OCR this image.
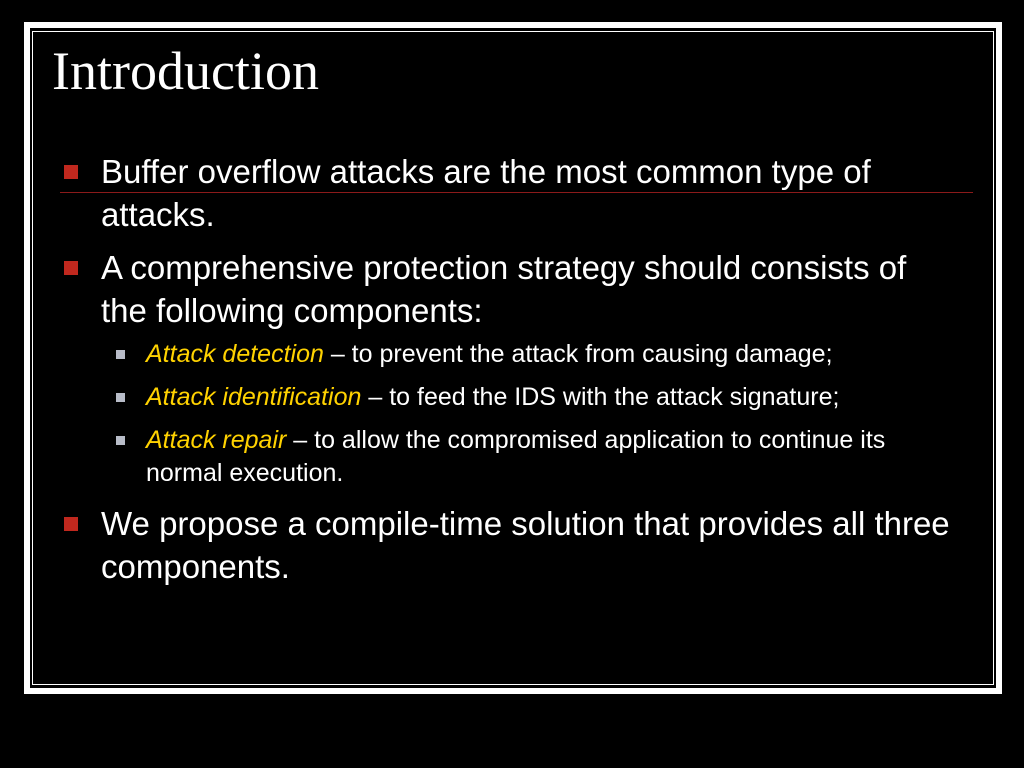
Introduction
Buffer overflow attacks are the most common type of attacks.
A comprehensive protection strategy should consists of the following components:
Attack detection – to prevent the attack from causing damage;
Attack identification – to feed the IDS with the attack signature;
Attack repair – to allow the compromised application to continue its normal execution.
We propose a compile-time solution that provides all three components.
